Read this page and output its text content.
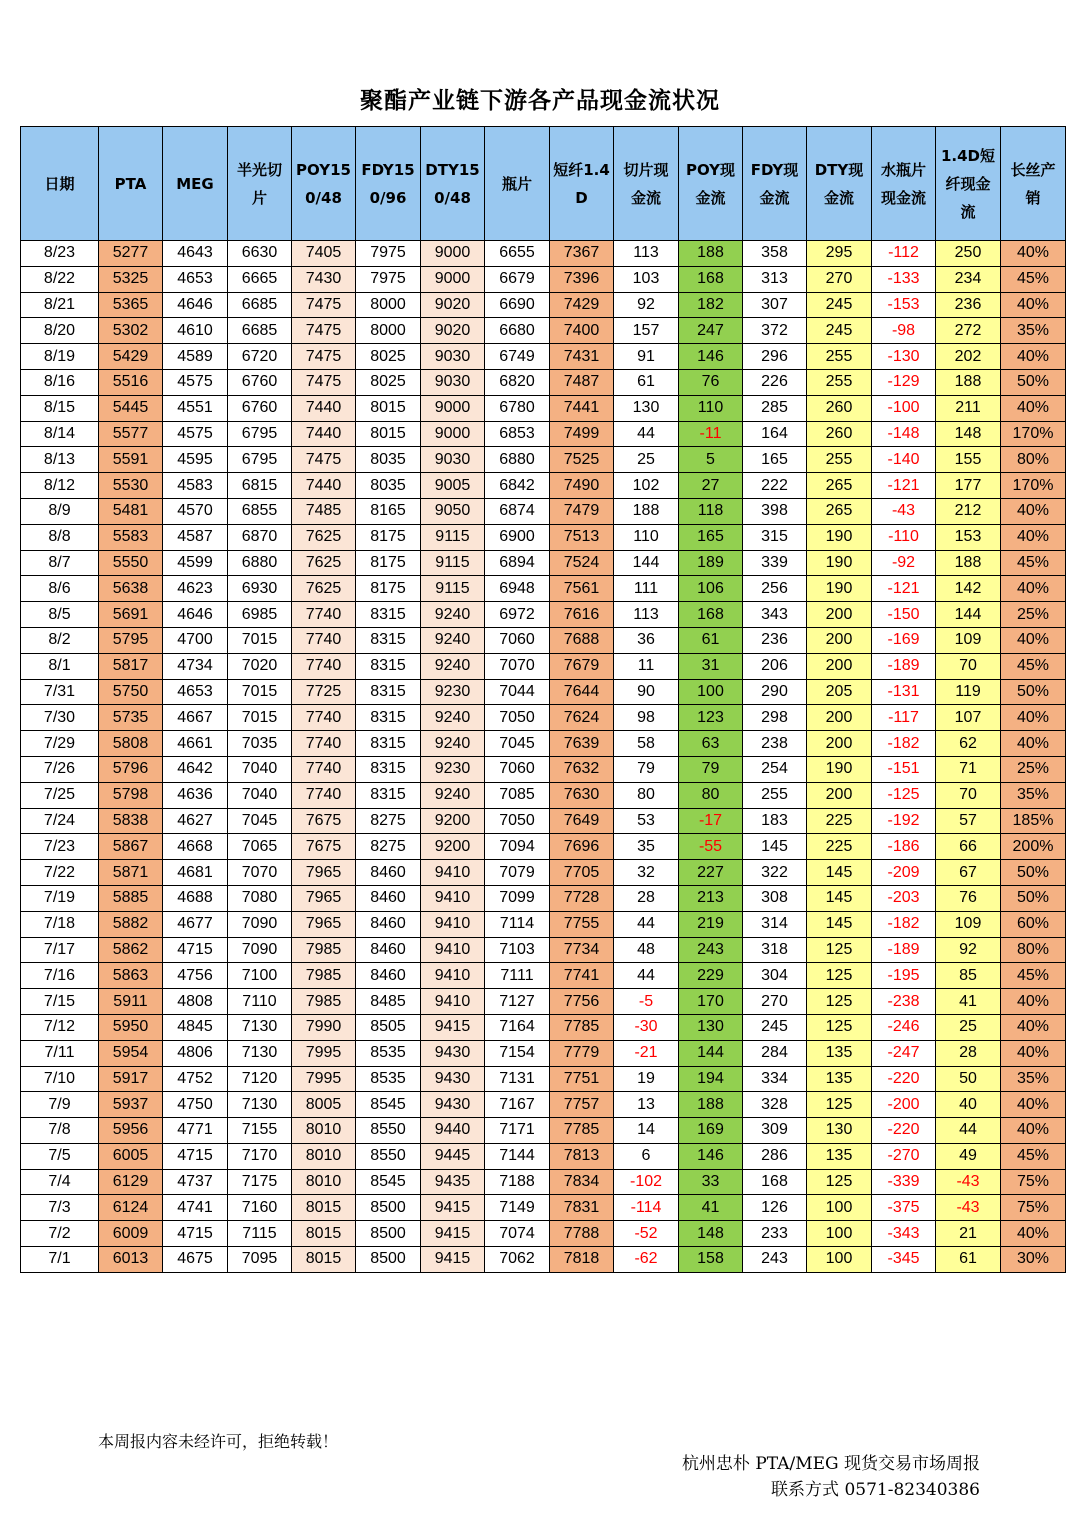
聚酯产业链下游各产品现金流状况
日期	PTA	MEG	半光切片	POY150/48	FDY150/96	DTY150/48	瓶片	短纤1.4D	切片现金流	POY现金流	FDY现金流	DTY现金流	水瓶片现金流	1.4D短纤现金流	长丝产销
8/23	5277	4643	6630	7405	7975	9000	6655	7367	113	188	358	295	-112	250	40%
8/22	5325	4653	6665	7430	7975	9000	6679	7396	103	168	313	270	-133	234	45%
8/21	5365	4646	6685	7475	8000	9020	6690	7429	92	182	307	245	-153	236	40%
8/20	5302	4610	6685	7475	8000	9020	6680	7400	157	247	372	245	-98	272	35%
8/19	5429	4589	6720	7475	8025	9030	6749	7431	91	146	296	255	-130	202	40%
8/16	5516	4575	6760	7475	8025	9030	6820	7487	61	76	226	255	-129	188	50%
8/15	5445	4551	6760	7440	8015	9000	6780	7441	130	110	285	260	-100	211	40%
8/14	5577	4575	6795	7440	8015	9000	6853	7499	44	-11	164	260	-148	148	170%
8/13	5591	4595	6795	7475	8035	9030	6880	7525	25	5	165	255	-140	155	80%
8/12	5530	4583	6815	7440	8035	9005	6842	7490	102	27	222	265	-121	177	170%
8/9	5481	4570	6855	7485	8165	9050	6874	7479	188	118	398	265	-43	212	40%
8/8	5583	4587	6870	7625	8175	9115	6900	7513	110	165	315	190	-110	153	40%
8/7	5550	4599	6880	7625	8175	9115	6894	7524	144	189	339	190	-92	188	45%
8/6	5638	4623	6930	7625	8175	9115	6948	7561	111	106	256	190	-121	142	40%
8/5	5691	4646	6985	7740	8315	9240	6972	7616	113	168	343	200	-150	144	25%
8/2	5795	4700	7015	7740	8315	9240	7060	7688	36	61	236	200	-169	109	40%
8/1	5817	4734	7020	7740	8315	9240	7070	7679	11	31	206	200	-189	70	45%
7/31	5750	4653	7015	7725	8315	9230	7044	7644	90	100	290	205	-131	119	50%
7/30	5735	4667	7015	7740	8315	9240	7050	7624	98	123	298	200	-117	107	40%
7/29	5808	4661	7035	7740	8315	9240	7045	7639	58	63	238	200	-182	62	40%
7/26	5796	4642	7040	7740	8315	9230	7060	7632	79	79	254	190	-151	71	25%
7/25	5798	4636	7040	7740	8315	9240	7085	7630	80	80	255	200	-125	70	35%
7/24	5838	4627	7045	7675	8275	9200	7050	7649	53	-17	183	225	-192	57	185%
7/23	5867	4668	7065	7675	8275	9200	7094	7696	35	-55	145	225	-186	66	200%
7/22	5871	4681	7070	7965	8460	9410	7079	7705	32	227	322	145	-209	67	50%
7/19	5885	4688	7080	7965	8460	9410	7099	7728	28	213	308	145	-203	76	50%
7/18	5882	4677	7090	7965	8460	9410	7114	7755	44	219	314	145	-182	109	60%
7/17	5862	4715	7090	7985	8460	9410	7103	7734	48	243	318	125	-189	92	80%
7/16	5863	4756	7100	7985	8460	9410	7111	7741	44	229	304	125	-195	85	45%
7/15	5911	4808	7110	7985	8485	9410	7127	7756	-5	170	270	125	-238	41	40%
7/12	5950	4845	7130	7990	8505	9415	7164	7785	-30	130	245	125	-246	25	40%
7/11	5954	4806	7130	7995	8535	9430	7154	7779	-21	144	284	135	-247	28	40%
7/10	5917	4752	7120	7995	8535	9430	7131	7751	19	194	334	135	-220	50	35%
7/9	5937	4750	7130	8005	8545	9430	7167	7757	13	188	328	125	-200	40	40%
7/8	5956	4771	7155	8010	8550	9440	7171	7785	14	169	309	130	-220	44	40%
7/5	6005	4715	7170	8010	8550	9445	7144	7813	6	146	286	135	-270	49	45%
7/4	6129	4737	7175	8010	8545	9435	7188	7834	-102	33	168	125	-339	-43	75%
7/3	6124	4741	7160	8015	8500	9415	7149	7831	-114	41	126	100	-375	-43	75%
7/2	6009	4715	7115	8015	8500	9415	7074	7788	-52	148	233	100	-343	21	40%
7/1	6013	4675	7095	8015	8500	9415	7062	7818	-62	158	243	100	-345	61	30%
本周报内容未经许可，拒绝转载！
杭州忠朴 PTA/MEG 现货交易市场周报
联系方式 0571-82340386
